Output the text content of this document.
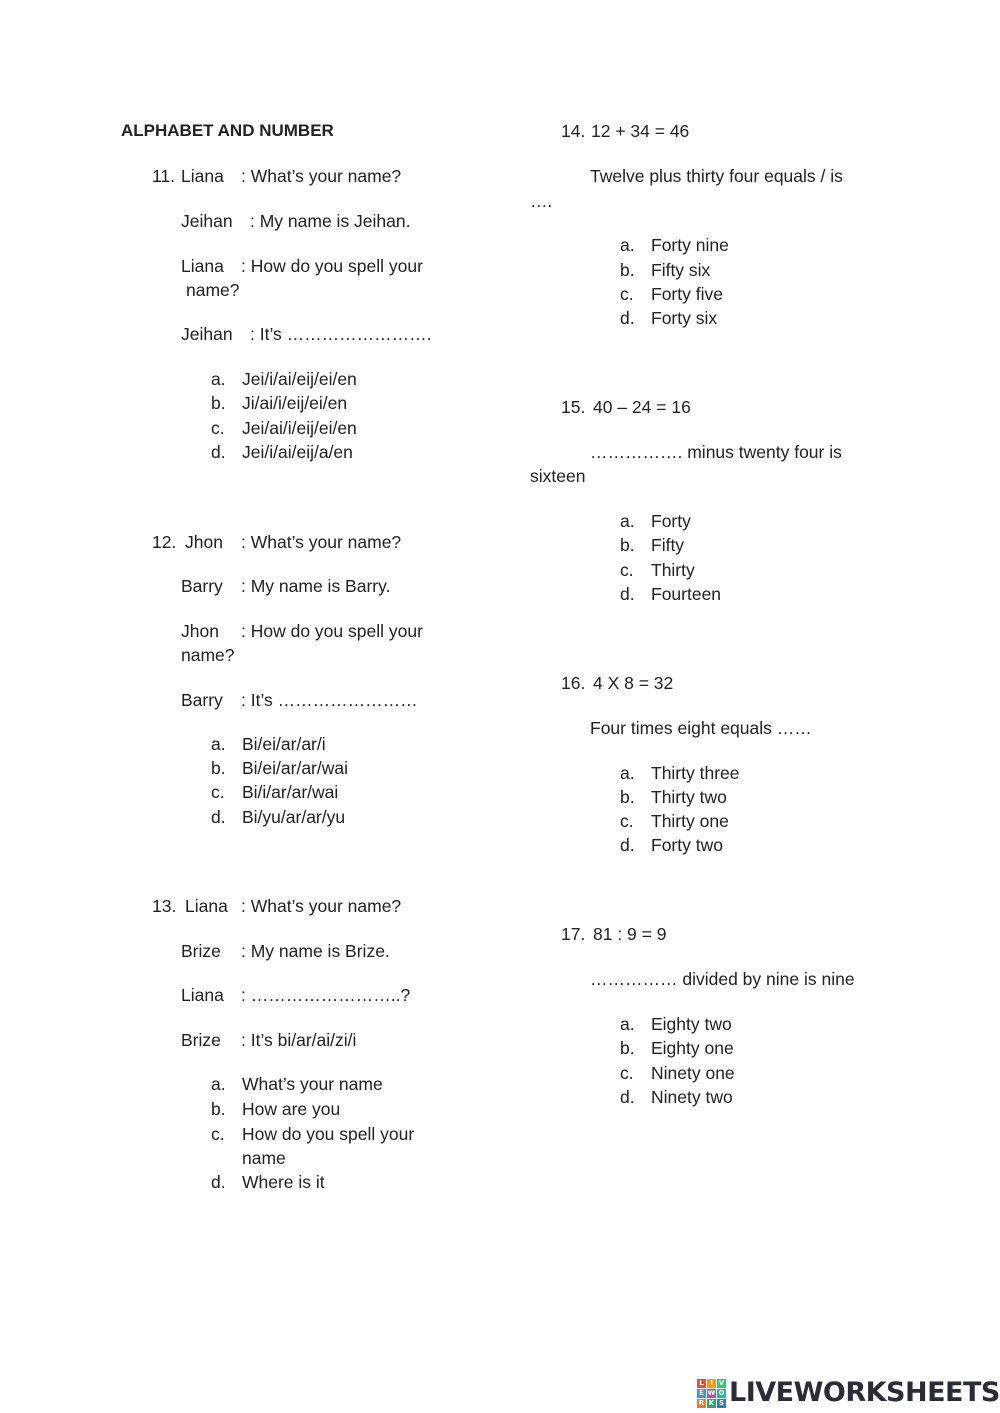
ALPHABET AND NUMBER
11. Liana : What’s your name?
Jeihan : My name is Jeihan.
Liana : How do you spell your
name?
Jeihan : It’s …………………….
a. Jei/i/ai/eij/ei/en
b. Ji/ai/i/eij/ei/en
c. Jei/ai/i/eij/ei/en
d. Jei/i/ai/eij/a/en
12. Jhon : What’s your name?
Barry : My name is Barry.
Jhon : How do you spell your
name?
Barry : It’s ……………………
a. Bi/ei/ar/ar/i
b. Bi/ei/ar/ar/wai
c. Bi/i/ar/ar/wai
d. Bi/yu/ar/ar/yu
13. Liana : What’s your name?
Brize : My name is Brize.
Liana : ……………………..?
Brize : It’s bi/ar/ai/zi/i
a. What’s your name
b. How are you
c. How do you spell your
name
d. Where is it
14. 12 + 34 = 46
Twelve plus thirty four equals / is
….
a. Forty nine
b. Fifty six
c. Forty five
d. Forty six
15. 40 – 24 = 16
……………. minus twenty four is
sixteen
a. Forty
b. Fifty
c. Thirty
d. Fourteen
16. 4 X 8 = 32
Four times eight equals ……
a. Thirty three
b. Thirty two
c. Thirty one
d. Forty two
17. 81 : 9 = 9
…………… divided by nine is nine
a. Eighty two
b. Eighty one
c. Ninety one
d. Ninety two
L I V
E W O
R K S LIVEWORKSHEETS
